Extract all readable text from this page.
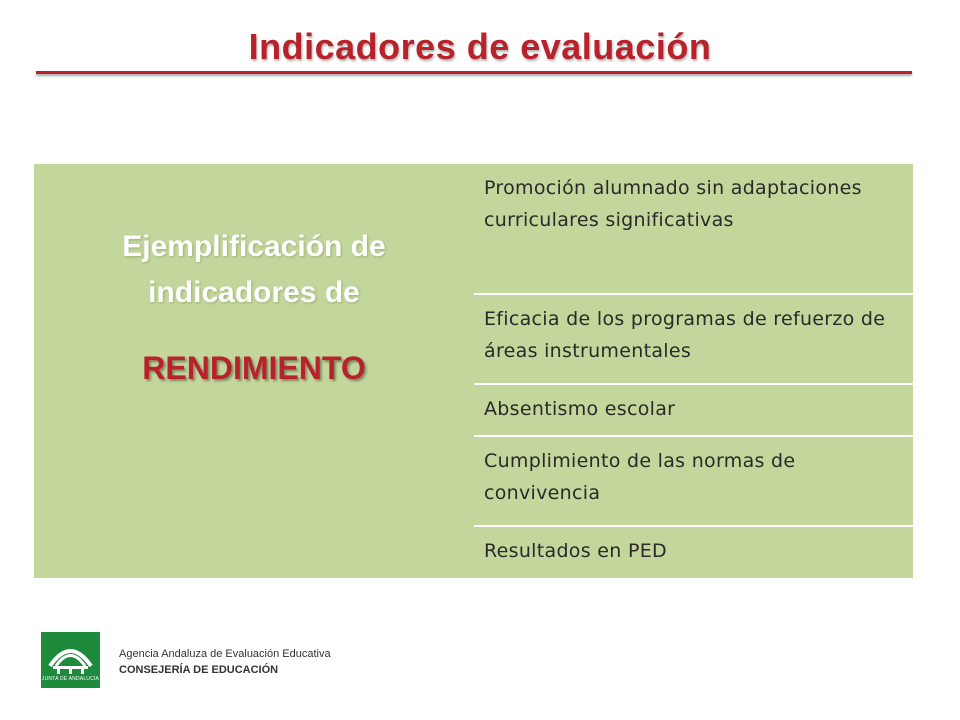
Indicadores de evaluación
Ejemplificación de
indicadores de
RENDIMIENTO
Promoción alumnado sin adaptaciones curriculares significativas
Eficacia de los programas de refuerzo de áreas instrumentales
Absentismo escolar
Cumplimiento de las normas de convivencia
Resultados en PED
JUNTA DE ANDALUCIA
Agencia Andaluza de Evaluación Educativa
CONSEJERÍA DE EDUCACIÓN
